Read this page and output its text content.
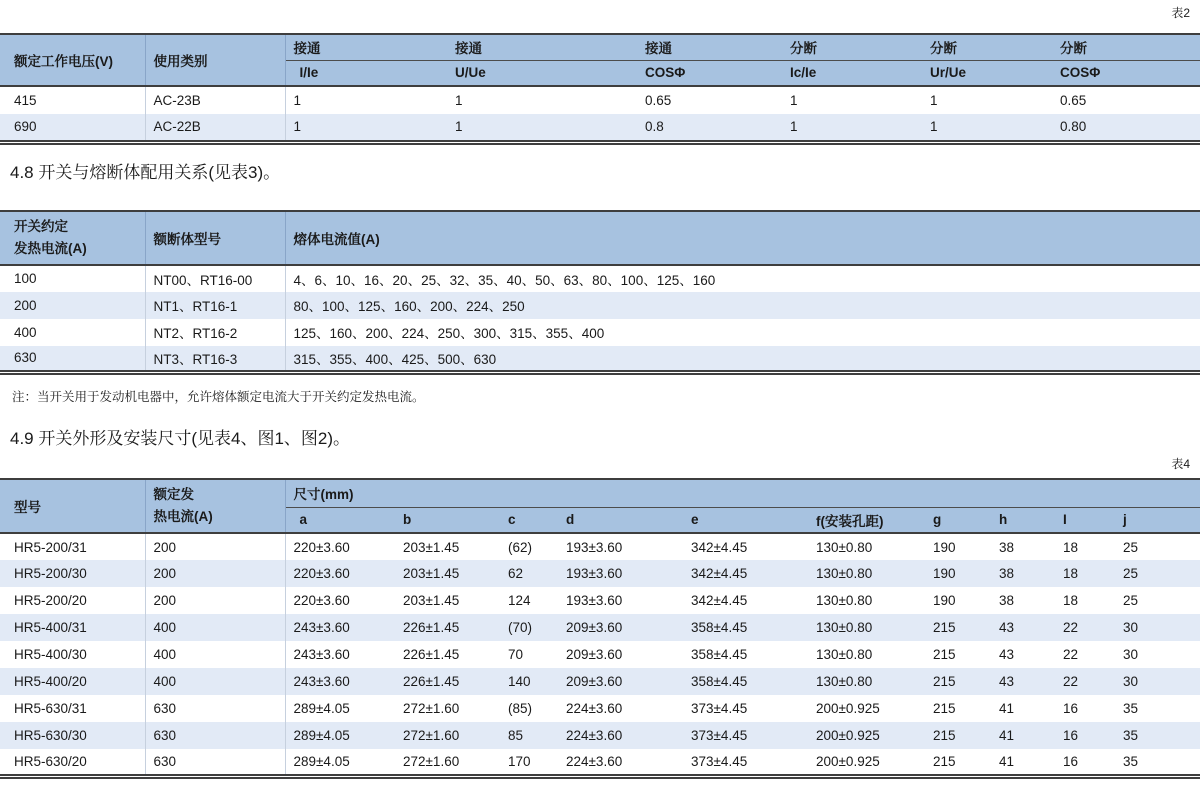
表2
额定工作电压(V)	使用类别	接通	接通	接通	分断	分断	分断
		I/Ie	U/Ue	COSΦ	Ic/Ie	Ur/Ue	COSΦ
415	AC-23B	1	1	0.65	1	1	0.65
690	AC-22B	1	1	0.8	1	1	0.80
4.8 开关与熔断体配用关系(见表3)。
开关约定
发热电流(A)	额断体型号	熔体电流值(A)
100	NT00、RT16-00	4、6、10、16、20、25、32、35、40、50、63、80、100、125、160
200	NT1、RT16-1	80、100、125、160、200、224、250
400	NT2、RT16-2	125、160、200、224、250、300、315、355、400
630	NT3、RT16-3	315、355、400、425、500、630
注：当开关用于发动机电器中，允许熔体额定电流大于开关约定发热电流。
4.9 开关外形及安装尺寸(见表4、图1、图2)。
表4
型号	额定发
热电流(A)	尺寸(mm)									
		a	b	c	d	e	f(安装孔距)	g	h	I	j
HR5-200/31	200	220±3.60	203±1.45	(62)	193±3.60	342±4.45	130±0.80	190	38	18	25
HR5-200/30	200	220±3.60	203±1.45	62	193±3.60	342±4.45	130±0.80	190	38	18	25
HR5-200/20	200	220±3.60	203±1.45	124	193±3.60	342±4.45	130±0.80	190	38	18	25
HR5-400/31	400	243±3.60	226±1.45	(70)	209±3.60	358±4.45	130±0.80	215	43	22	30
HR5-400/30	400	243±3.60	226±1.45	70	209±3.60	358±4.45	130±0.80	215	43	22	30
HR5-400/20	400	243±3.60	226±1.45	140	209±3.60	358±4.45	130±0.80	215	43	22	30
HR5-630/31	630	289±4.05	272±1.60	(85)	224±3.60	373±4.45	200±0.925	215	41	16	35
HR5-630/30	630	289±4.05	272±1.60	85	224±3.60	373±4.45	200±0.925	215	41	16	35
HR5-630/20	630	289±4.05	272±1.60	170	224±3.60	373±4.45	200±0.925	215	41	16	35
